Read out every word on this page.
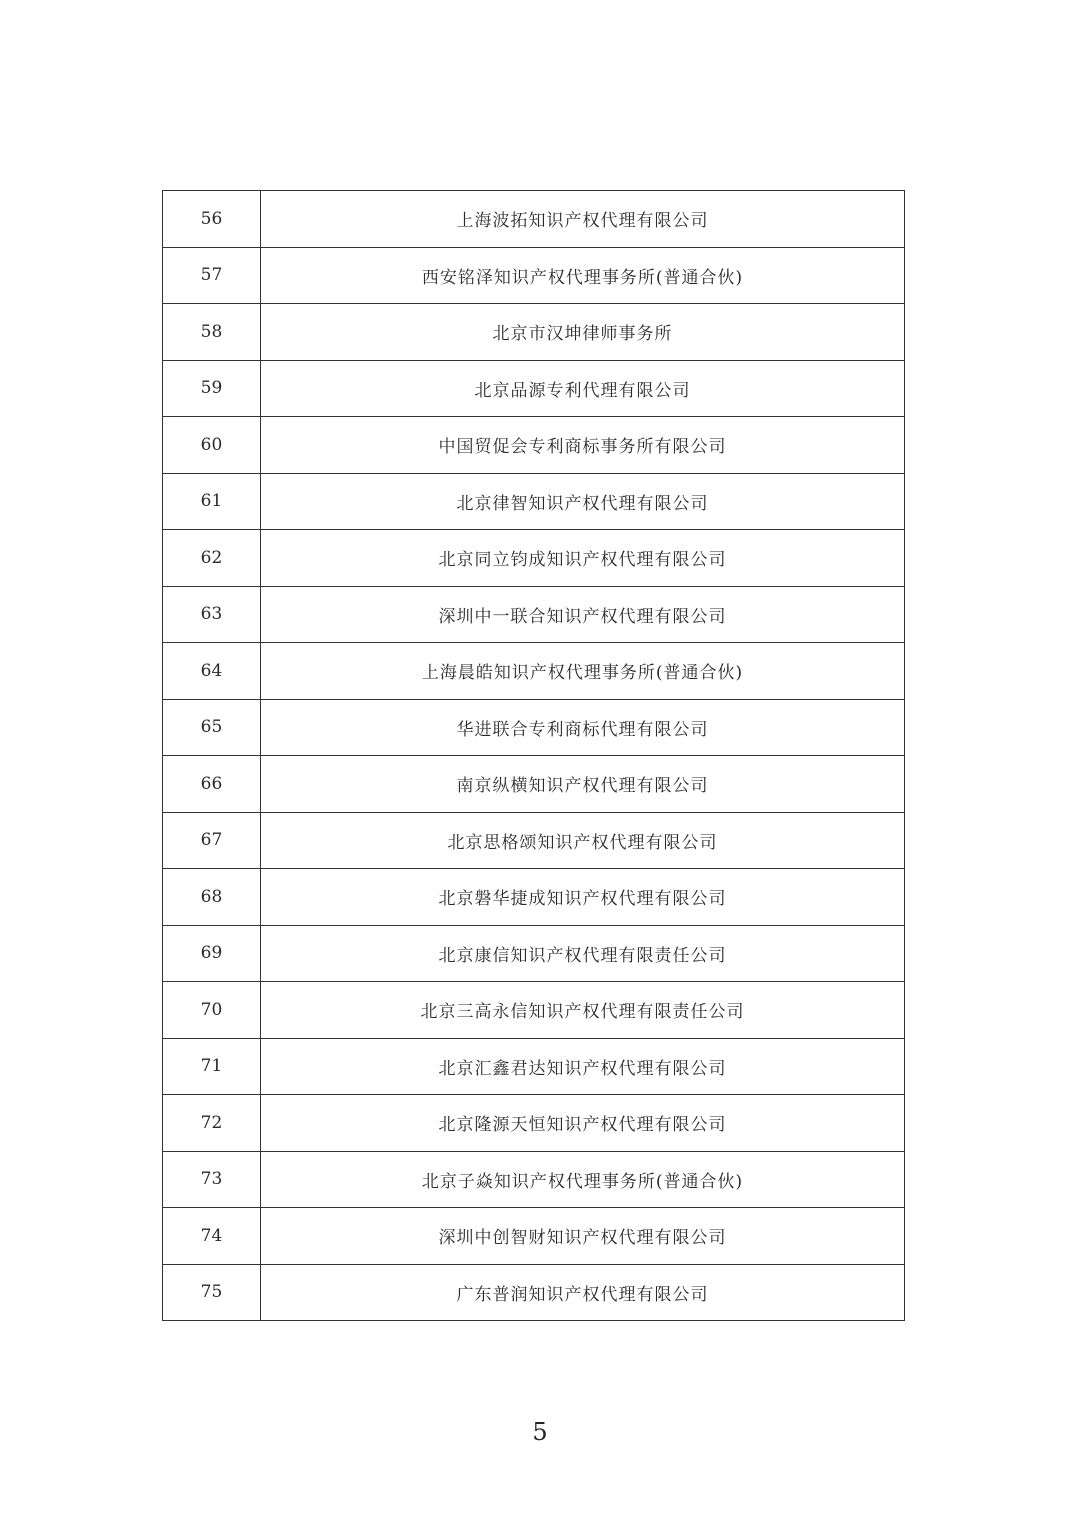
56	上海波拓知识产权代理有限公司
57	西安铭泽知识产权代理事务所(普通合伙)
58	北京市汉坤律师事务所
59	北京品源专利代理有限公司
60	中国贸促会专利商标事务所有限公司
61	北京律智知识产权代理有限公司
62	北京同立钧成知识产权代理有限公司
63	深圳中一联合知识产权代理有限公司
64	上海晨皓知识产权代理事务所(普通合伙)
65	华进联合专利商标代理有限公司
66	南京纵横知识产权代理有限公司
67	北京思格颂知识产权代理有限公司
68	北京磐华捷成知识产权代理有限公司
69	北京康信知识产权代理有限责任公司
70	北京三高永信知识产权代理有限责任公司
71	北京汇鑫君达知识产权代理有限公司
72	北京隆源天恒知识产权代理有限公司
73	北京子焱知识产权代理事务所(普通合伙)
74	深圳中创智财知识产权代理有限公司
75	广东普润知识产权代理有限公司
5
